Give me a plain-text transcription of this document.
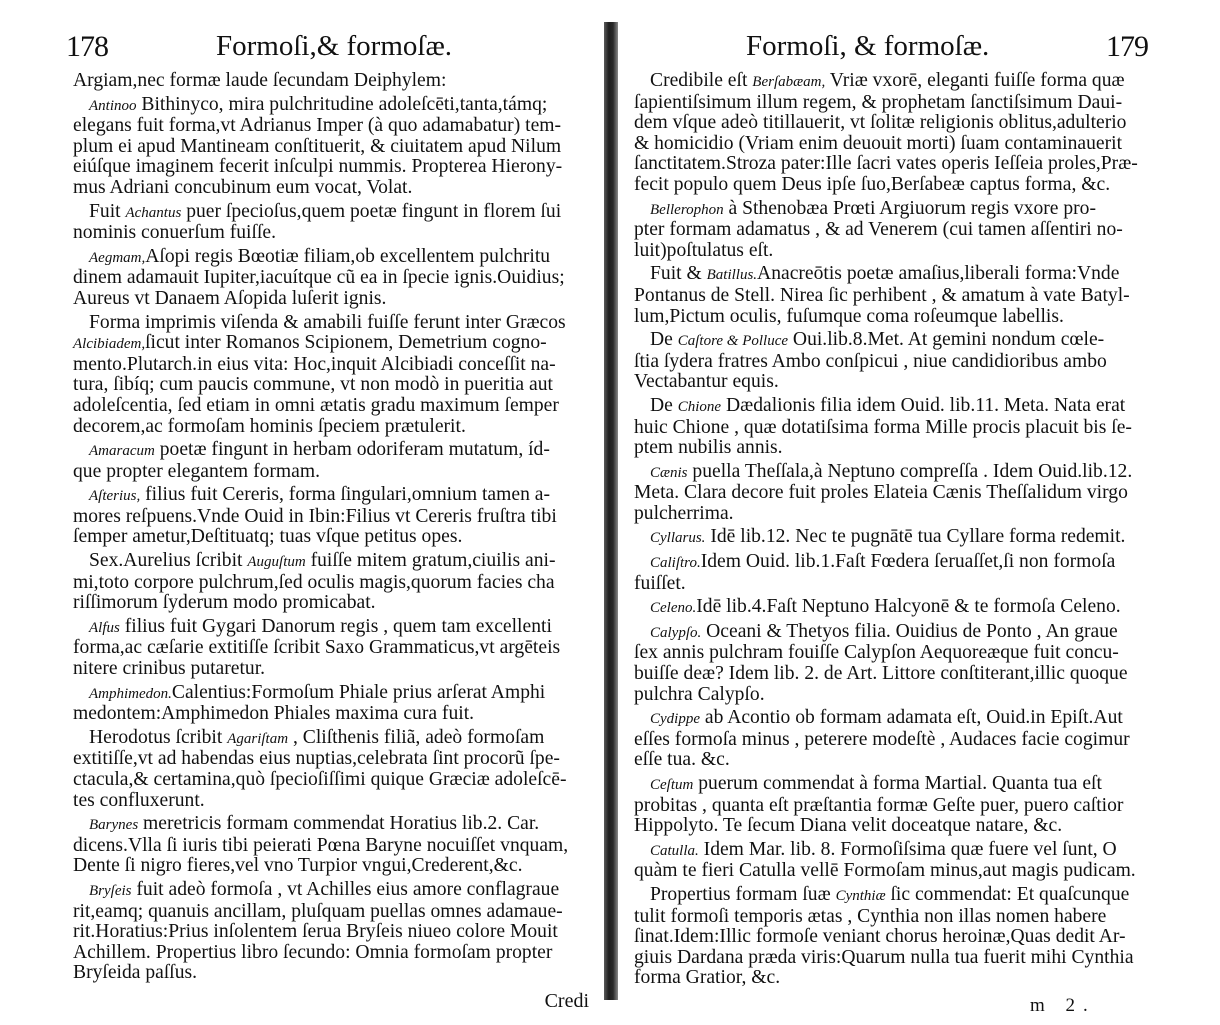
178	Formoſi,& formoſæ.
Argiam,nec formæ laude ſecundam Deiphylem:
Antinoo Bithinyco, mira pulchritudine adoleſcēti,tanta,támq;
elegans fuit forma,vt Adrianus Imper (à quo adamabatur) tem-
plum ei apud Mantineam conſtituerit, & ciuitatem apud Nilum
eiúſque imaginem fecerit inſculpi nummis. Propterea Hierony-
mus Adriani concubinum eum vocat, Volat.
Fuit Achantus puer ſpecioſus,quem poetæ fingunt in florem ſui
nominis conuerſum fuiſſe.
Aegmam,Aſopi regis Bœotiæ filiam,ob excellentem pulchritu
dinem adamauit Iupiter,iacuítque cũ ea in ſpecie ignis.Ouidius;
Aureus vt Danaem Aſopida luſerit ignis.
Forma imprimis viſenda & amabili fuiſſe ferunt inter Græcos
Alcibiadem,ſicut inter Romanos Scipionem, Demetrium cogno-
mento.Plutarch.in eius vita: Hoc,inquit Alcibiadi conceſſit na-
tura, ſibíq; cum paucis commune, vt non modò in pueritia aut
adoleſcentia, ſed etiam in omni ætatis gradu maximum ſemper
decorem,ac formoſam hominis ſpeciem prætulerit.
Amaracum poetæ fingunt in herbam odoriferam mutatum, íd-
que propter elegantem formam.
Aſterius, filius fuit Cereris, forma ſingulari,omnium tamen a-
mores reſpuens.Vnde Ouid in Ibin:Filius vt Cereris fruſtra tibi
ſemper ametur,Deſtituatq; tuas vſque petitus opes.
Sex.Aurelius ſcribit Auguſtum fuiſſe mitem gratum,ciuilis ani-
mi,toto corpore pulchrum,ſed oculis magis,quorum facies cha
riſſimorum ſyderum modo promicabat.
Alfus filius fuit Gygari Danorum regis , quem tam excellenti
forma,ac cæſarie extitiſſe ſcribit Saxo Grammaticus,vt argēteis
nitere crinibus putaretur.
Amphimedon.Calentius:Formoſum Phiale prius arſerat Amphi
medontem:Amphimedon Phiales maxima cura fuit.
Herodotus ſcribit Agariſtam , Cliſthenis filiã, adeò formoſam
extitiſſe,vt ad habendas eius nuptias,celebrata ſint procorũ ſpe-
ctacula,& certamina,quò ſpecioſiſſimi quique Græciæ adoleſcē-
tes confluxerunt.
Barynes meretricis formam commendat Horatius lib.2. Car.
dicens.Vlla ſi iuris tibi peierati Pœna Baryne nocuiſſet vnquam,
Dente ſi nigro fieres,vel vno Turpior vngui,Crederent,&c.
Bryſeis fuit adeò formoſa , vt Achilles eius amore conflagraue
rit,eamq; quanuis ancillam, pluſquam puellas omnes adamaue-
rit.Horatius:Prius inſolentem ſerua Bryſeis niueo colore Mouit
Achillem. Propertius libro ſecundo: Omnia formoſam propter
Bryſeida paſſus.
Credi
Formoſi, & formoſæ.	179
Credibile eſt Berſabæam, Vriæ vxorē, eleganti fuiſſe forma quæ
ſapientiſsimum illum regem, & prophetam ſanctiſsimum Daui-
dem vſque adeò titillauerit, vt ſolitæ religionis oblitus,adulterio
& homicidio (Vriam enim deuouit morti) ſuam contaminauerit
ſanctitatem.Stroza pater:Ille ſacri vates operis Ieſſeia proles,Præ-
fecit populo quem Deus ipſe ſuo,Berſabeæ captus forma, &c.
Bellerophon à Sthenobæa Prœti Argiuorum regis vxore pro-
pter formam adamatus , & ad Venerem (cui tamen aſſentiri no-
luit)poſtulatus eſt.
Fuit & Batillus.Anacreōtis poetæ amaſius,liberali forma:Vnde
Pontanus de Stell. Nirea ſic perhibent , & amatum à vate Batyl-
lum,Pictum oculis, fuſumque coma roſeumque labellis.
De Caſtore & Polluce Oui.lib.8.Met. At gemini nondum cœle-
ſtia ſydera fratres Ambo conſpicui , niue candidioribus ambo
Vectabantur equis.
De Chione Dædalionis filia idem Ouid. lib.11. Meta. Nata erat
huic Chione , quæ dotatiſsima forma Mille procis placuit bis ſe-
ptem nubilis annis.
Cænis puella Theſſala,à Neptuno compreſſa . Idem Ouid.lib.12.
Meta. Clara decore fuit proles Elateia Cænis Theſſalidum virgo
pulcherrima.
Cyllarus. Idē lib.12. Nec te pugnātē tua Cyllare forma redemit.
Caliſtro.Idem Ouid. lib.1.Faſt Fœdera ſeruaſſet,ſi non formoſa
fuiſſet.
Celeno.Idē lib.4.Faſt Neptuno Halcyonē & te formoſa Celeno.
Calypſo. Oceani & Thetyos filia. Ouidius de Ponto , An graue
ſex annis pulchram fouiſſe Calypſon Aequoreæque fuit concu-
buiſſe deæ? Idem lib. 2. de Art. Littore conſtiterant,illic quoque
pulchra Calypſo.
Cydippe ab Acontio ob formam adamata eſt, Ouid.in Epiſt.Aut
eſſes formoſa minus , peterere modeſtè , Audaces facie cogimur
eſſe tua. &c.
Ceſtum puerum commendat à forma Martial. Quanta tua eſt
probitas , quanta eſt præſtantia formæ Geſte puer, puero caſtior
Hippolyto. Te ſecum Diana velit doceatque natare, &c.
Catulla. Idem Mar. lib. 8. Formoſiſsima quæ fuere vel ſunt, O
quàm te fieri Catulla vellē Formoſam minus,aut magis pudicam.
Propertius formam ſuæ Cynthiæ ſic commendat: Et quaſcunque
tulit formoſi temporis ætas , Cynthia non illas nomen habere
ſinat.Idem:Illic formoſe veniant chorus heroinæ,Quas dedit Ar-
giuis Dardana præda viris:Quarum nulla tua fuerit mihi Cynthia
forma Gratior, &c.
m 2.
